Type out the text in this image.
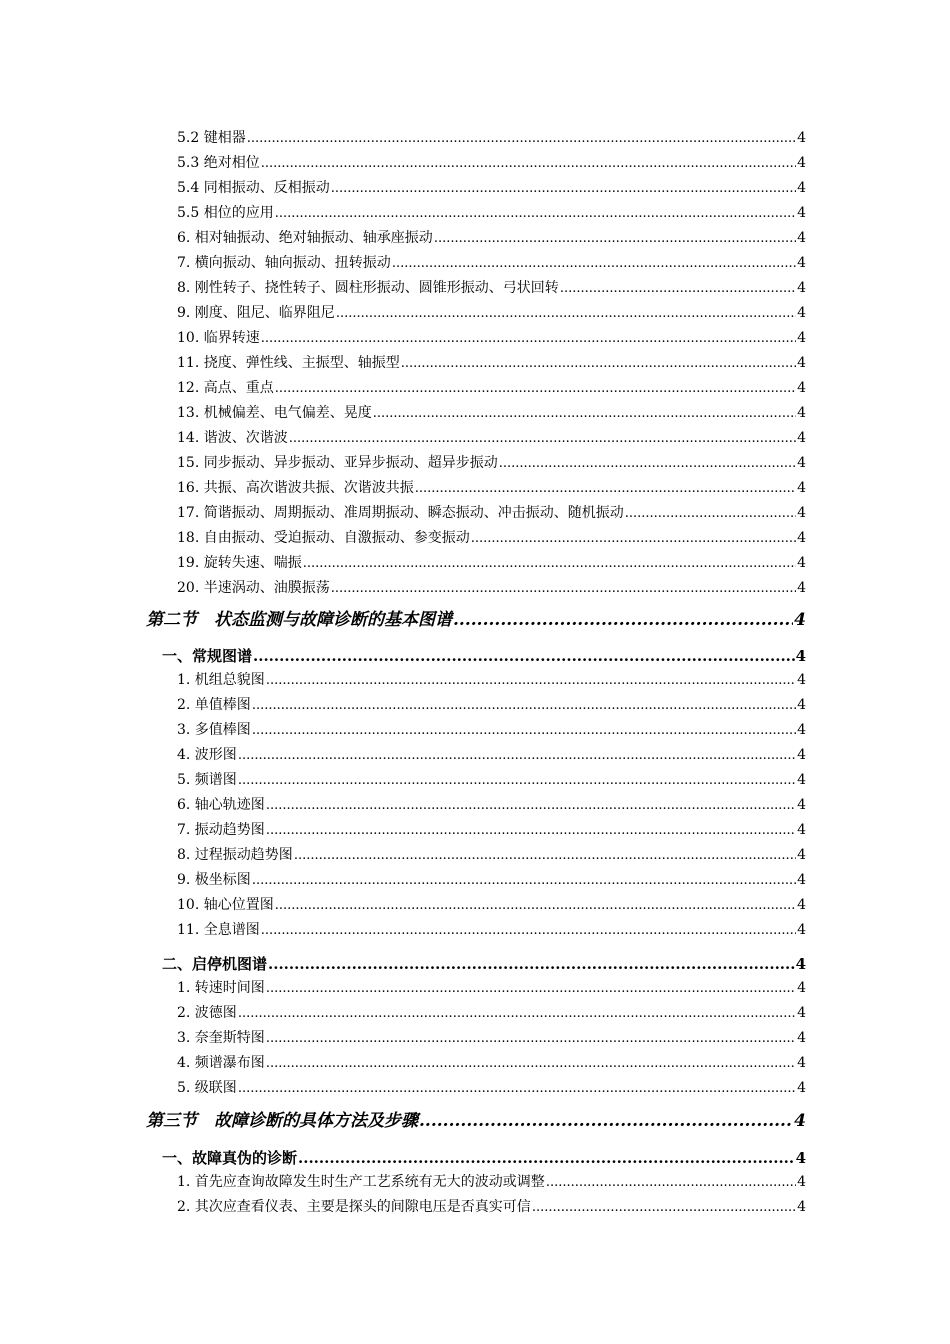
5.2 键相器 .....	4
5.3 绝对相位 .....	4
5.4 同相振动、反相振动 .....	4
5.5 相位的应用 .....	4
6. 相对轴振动、绝对轴振动、轴承座振动 .....	4
7. 横向振动、轴向振动、扭转振动 .....	4
8. 刚性转子、挠性转子、圆柱形振动、圆锥形振动、弓状回转 .....	4
9. 刚度、阻尼、临界阻尼 .....	4
10. 临界转速 .....	4
11. 挠度、弹性线、主振型、轴振型 .....	4
12. 高点、重点 .....	4
13. 机械偏差、电气偏差、晃度 .....	4
14. 谐波、次谐波 .....	4
15. 同步振动、异步振动、亚异步振动、超异步振动 .....	4
16. 共振、高次谐波共振、次谐波共振 .....	4
17. 简谐振动、周期振动、准周期振动、瞬态振动、冲击振动、随机振动 .....	4
18. 自由振动、受迫振动、自激振动、参变振动 .....	4
19. 旋转失速、喘振 .....	4
20. 半速涡动、油膜振荡 .....	4
第二节　状态监测与故障诊断的基本图谱 .....	4
一、常规图谱 .....	4
1. 机组总貌图 .....	4
2. 单值棒图 .....	4
3. 多值棒图 .....	4
4. 波形图 .....	4
5. 频谱图 .....	4
6. 轴心轨迹图 .....	4
7. 振动趋势图 .....	4
8. 过程振动趋势图 .....	4
9. 极坐标图 .....	4
10. 轴心位置图 .....	4
11. 全息谱图 .....	4
二、启停机图谱 .....	4
1. 转速时间图 .....	4
2. 波德图 .....	4
3. 奈奎斯特图 .....	4
4. 频谱瀑布图 .....	4
5. 级联图 .....	4
第三节　故障诊断的具体方法及步骤 .....	4
一、故障真伪的诊断 .....	4
1. 首先应查询故障发生时生产工艺系统有无大的波动或调整 .....	4
2. 其次应查看仪表、主要是探头的间隙电压是否真实可信 .....	4
